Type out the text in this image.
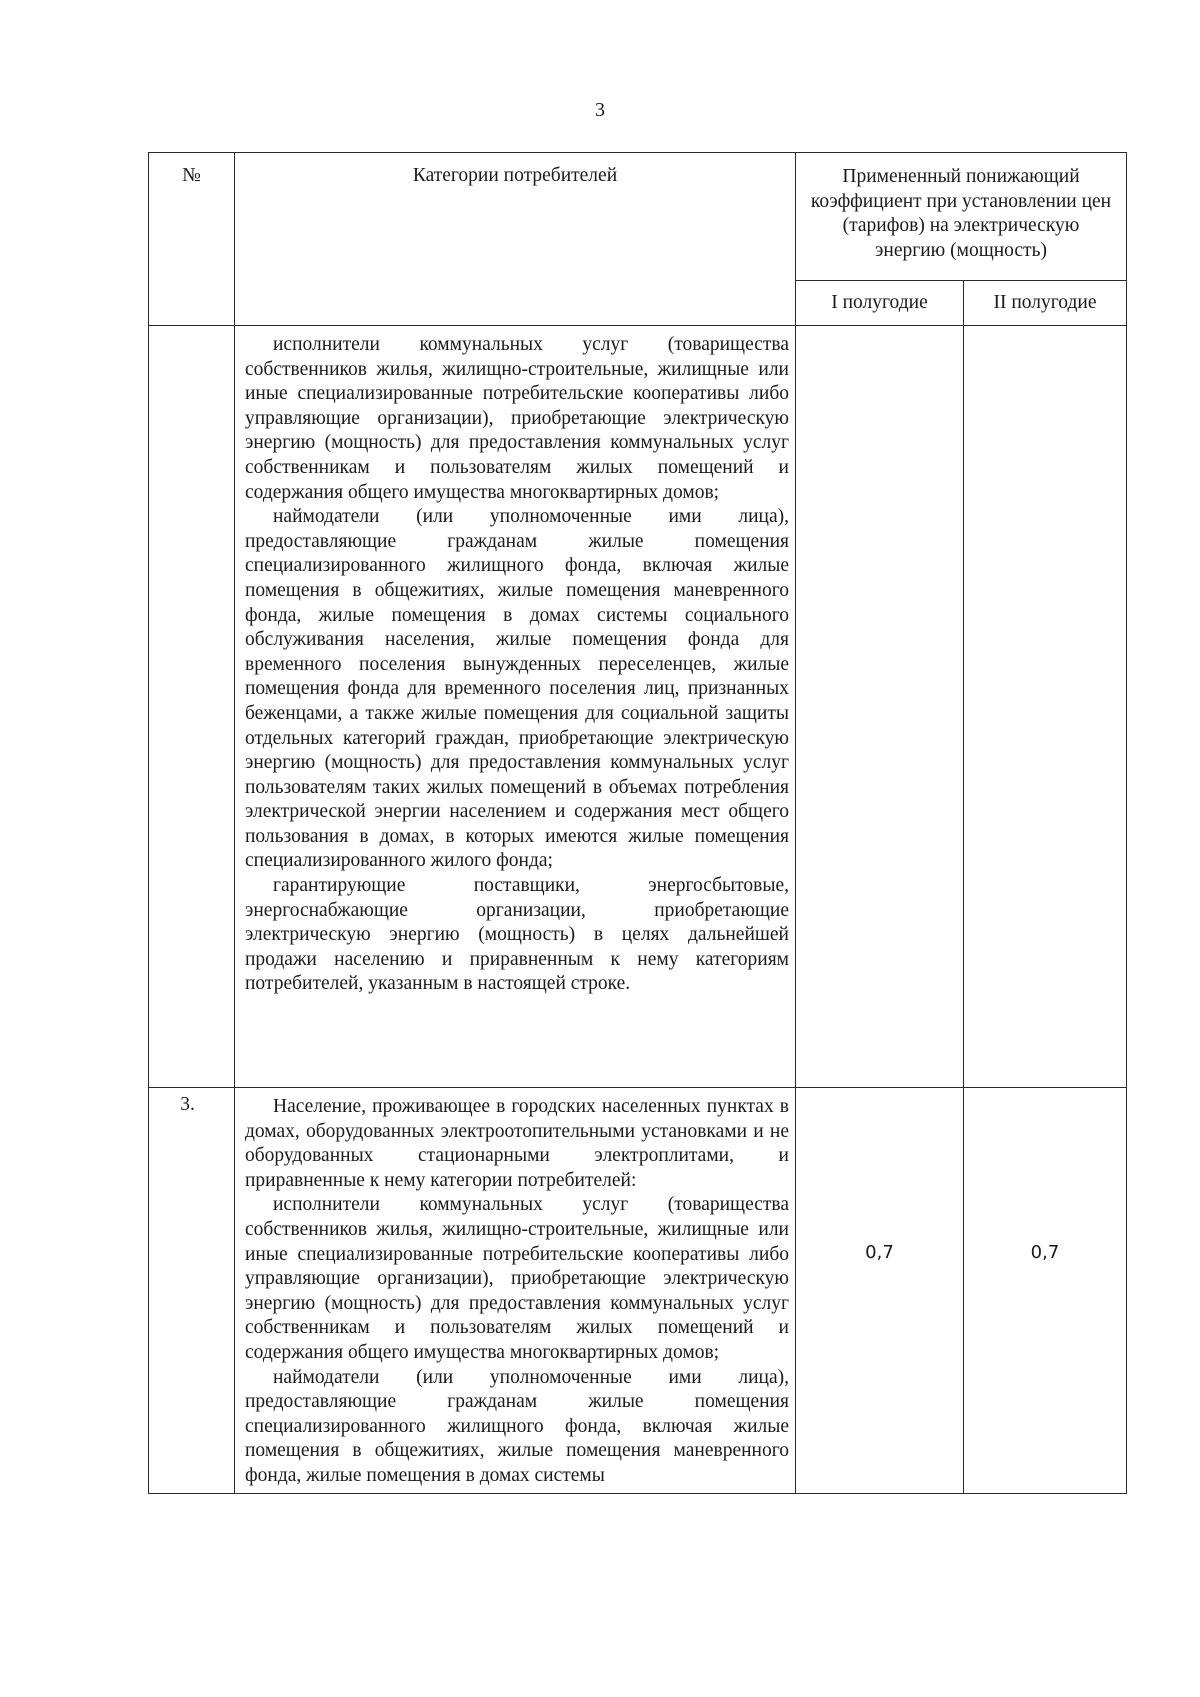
3
№	Категории потребителей	Примененный понижающий коэффициент при установлении цен (тарифов) на электрическую энергию (мощность)	
		I полугодие	II полугодие

	исполнители коммунальных услуг (товарищества собственников жилья, жилищно-строительные, жилищные или иные специализированные потребительские кооперативы либо управляющие организации), приобретающие электрическую энергию (мощность) для предоставления коммунальных услуг собственникам и пользователям жилых помещений и содержания общего имущества многоквартирных домов;

наймодатели (или уполномоченные ими лица), предоставляющие гражданам жилые помещения специализированного жилищного фонда, включая жилые помещения в общежитиях, жилые помещения маневренного фонда, жилые помещения в домах системы социального обслуживания населения, жилые помещения фонда для временного поселения вынужденных переселенцев, жилые помещения фонда для временного поселения лиц, признанных беженцами, а также жилые помещения для социальной защиты отдельных категорий граждан, приобретающие электрическую энергию (мощность) для предоставления коммунальных услуг пользователям таких жилых помещений в объемах потребления электрической энергии населением и содержания мест общего пользования в домах, в которых имеются жилые помещения специализированного жилого фонда;

гарантирующие поставщики, энергосбытовые, энергоснабжающие организации, приобретающие электрическую энергию (мощность) в целях дальнейшей продажи населению и приравненным к нему категориям потребителей, указанным в настоящей строке.		

3.	Население, проживающее в городских населенных пунктах в домах, оборудованных электроотопительными установками и не оборудованных стационарными электроплитами, и приравненные к нему категории потребителей:

исполнители коммунальных услуг (товарищества собственников жилья, жилищно-строительные, жилищные или иные специализированные потребительские кооперативы либо управляющие организации), приобретающие электрическую энергию (мощность) для предоставления коммунальных услуг собственникам и пользователям жилых помещений и содержания общего имущества многоквартирных домов;

наймодатели (или уполномоченные ими лица), предоставляющие гражданам жилые помещения специализированного жилищного фонда, включая жилые помещения в общежитиях, жилые помещения маневренного фонда, жилые помещения в домах системы	0,7	0,7
